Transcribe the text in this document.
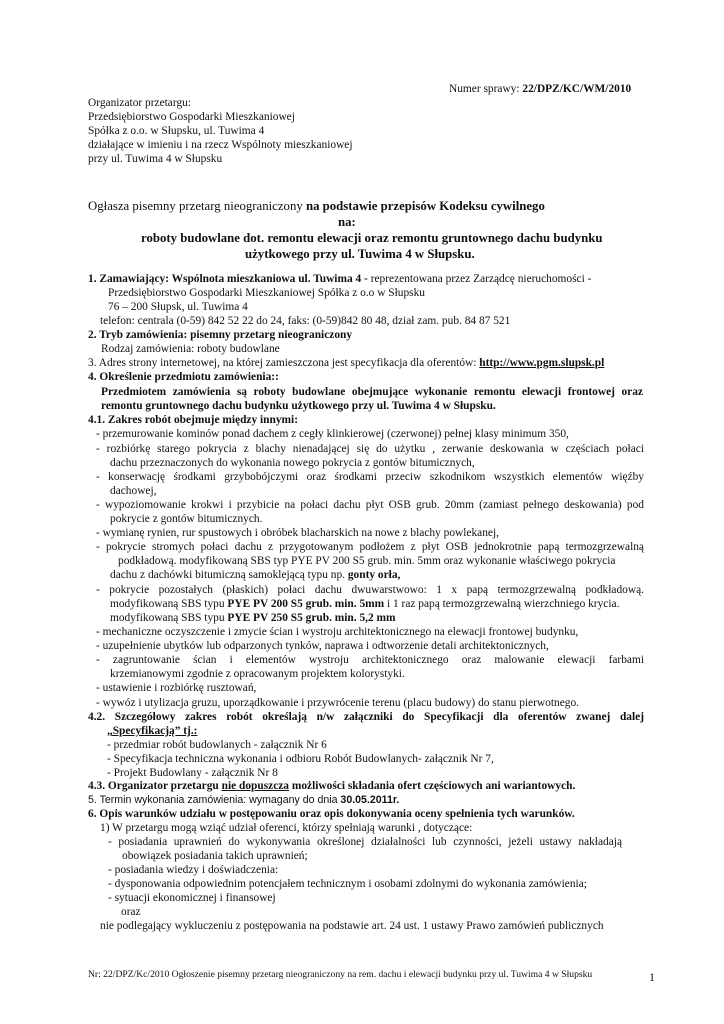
Numer sprawy: 22/DPZ/KC/WM/2010
Organizator przetargu:
Przedsiębiorstwo Gospodarki Mieszkaniowej
Spółka z o.o. w Słupsku, ul. Tuwima 4
działające w imieniu i na rzecz Wspólnoty mieszkaniowej
przy ul. Tuwima 4 w Słupsku
Ogłasza pisemny przetarg nieograniczony na podstawie przepisów Kodeksu cywilnego
na:
roboty budowlane dot. remontu elewacji oraz remontu gruntownego dachu budynku
użytkowego przy ul. Tuwima 4 w Słupsku.
1. Zamawiający: Wspólnota mieszkaniowa ul. Tuwima 4 - reprezentowana przez Zarządcę nieruchomości -
Przedsiębiorstwo Gospodarki Mieszkaniowej Spółka z o.o w Słupsku
76 – 200 Słupsk, ul. Tuwima 4
telefon: centrala (0-59) 842 52 22 do 24, faks: (0-59)842 80 48, dział zam. pub. 84 87 521
2. Tryb zamówienia: pisemny przetarg nieograniczony
Rodzaj zamówienia: roboty budowlane
3. Adres strony internetowej, na której zamieszczona jest specyfikacja dla oferentów: http://www.pgm.slupsk.pl
4. Określenie przedmiotu zamówienia::
Przedmiotem zamówienia są roboty budowlane obejmujące wykonanie remontu elewacji frontowej oraz
remontu gruntownego dachu budynku użytkowego przy ul. Tuwima 4 w Słupsku.
4.1. Zakres robót obejmuje między innymi:
- przemurowanie kominów ponad dachem z cegły klinkierowej (czerwonej) pełnej klasy minimum 350,
- rozbiórkę starego pokrycia z blachy nienadającej się do użytku , zerwanie deskowania w częściach połaci
dachu przeznaczonych do wykonania nowego pokrycia z gontów bitumicznych,
- konserwację środkami grzybobójczymi oraz środkami przeciw szkodnikom wszystkich elementów więźby
dachowej,
- wypoziomowanie krokwi i przybicie na połaci dachu płyt OSB grub. 20mm (zamiast pełnego deskowania) pod
pokrycie z gontów bitumicznych.
- wymianę rynien, rur spustowych i obróbek blacharskich na nowe z blachy powlekanej,
- pokrycie stromych połaci dachu z przygotowanym podłożem z płyt OSB jednokrotnie papą termozgrzewalną
podkładową. modyfikowaną SBS typ PYE PV 200 S5 grub. min. 5mm oraz wykonanie właściwego pokrycia
dachu z dachówki bitumiczną samoklejącą typu np. gonty orła,
- pokrycie pozostałych (płaskich) połaci dachu dwuwarstwowo: 1 x papą termozgrzewalną podkładową.
modyfikowaną SBS typu PYE PV 200 S5 grub. min. 5mm i 1 raz papą termozgrzewalną wierzchniego krycia.
modyfikowaną SBS typu PYE PV 250 S5 grub. min. 5,2 mm
- mechaniczne oczyszczenie i zmycie ścian i wystroju architektonicznego na elewacji frontowej budynku,
- uzupełnienie ubytków lub odparzonych tynków, naprawa i odtworzenie detali architektonicznych,
- zagruntowanie ścian i elementów wystroju architektonicznego oraz malowanie elewacji farbami
krzemianowymi zgodnie z opracowanym projektem kolorystyki.
- ustawienie i rozbiórkę rusztowań,
- wywóz i utylizacja gruzu, uporządkowanie i przywrócenie terenu (placu budowy) do stanu pierwotnego.
4.2. Szczegółowy zakres robót określają n/w załączniki do Specyfikacji dla oferentów zwanej dalej
„Specyfikacją” tj.:
- przedmiar robót budowlanych - załącznik Nr 6
- Specyfikacja techniczna wykonania i odbioru Robót Budowlanych- załącznik Nr 7,
- Projekt Budowlany - załącznik Nr 8
4.3. Organizator przetargu nie dopuszcza możliwości składania ofert częściowych ani wariantowych.
5. Termin wykonania zamówienia: wymagany do dnia 30.05.2011r.
6. Opis warunków udziału w postępowaniu oraz opis dokonywania oceny spełnienia tych warunków.
1) W przetargu mogą wziąć udział oferenci, którzy spełniają warunki , dotyczące:
- posiadania uprawnień do wykonywania określonej działalności lub czynności, jeżeli ustawy nakładają
obowiązek posiadania takich uprawnień;
- posiadania wiedzy i doświadczenia:
- dysponowania odpowiednim potencjałem technicznym i osobami zdolnymi do wykonania zamówienia;
- sytuacji ekonomicznej i finansowej
oraz
nie podlegający wykluczeniu z postępowania na podstawie art. 24 ust. 1 ustawy Prawo zamówień publicznych
Nr: 22/DPZ/Kc/2010 Ogłoszenie pisemny przetarg nieograniczony na rem. dachu i elewacji budynku przy ul. Tuwima 4 w Słupsku	1
